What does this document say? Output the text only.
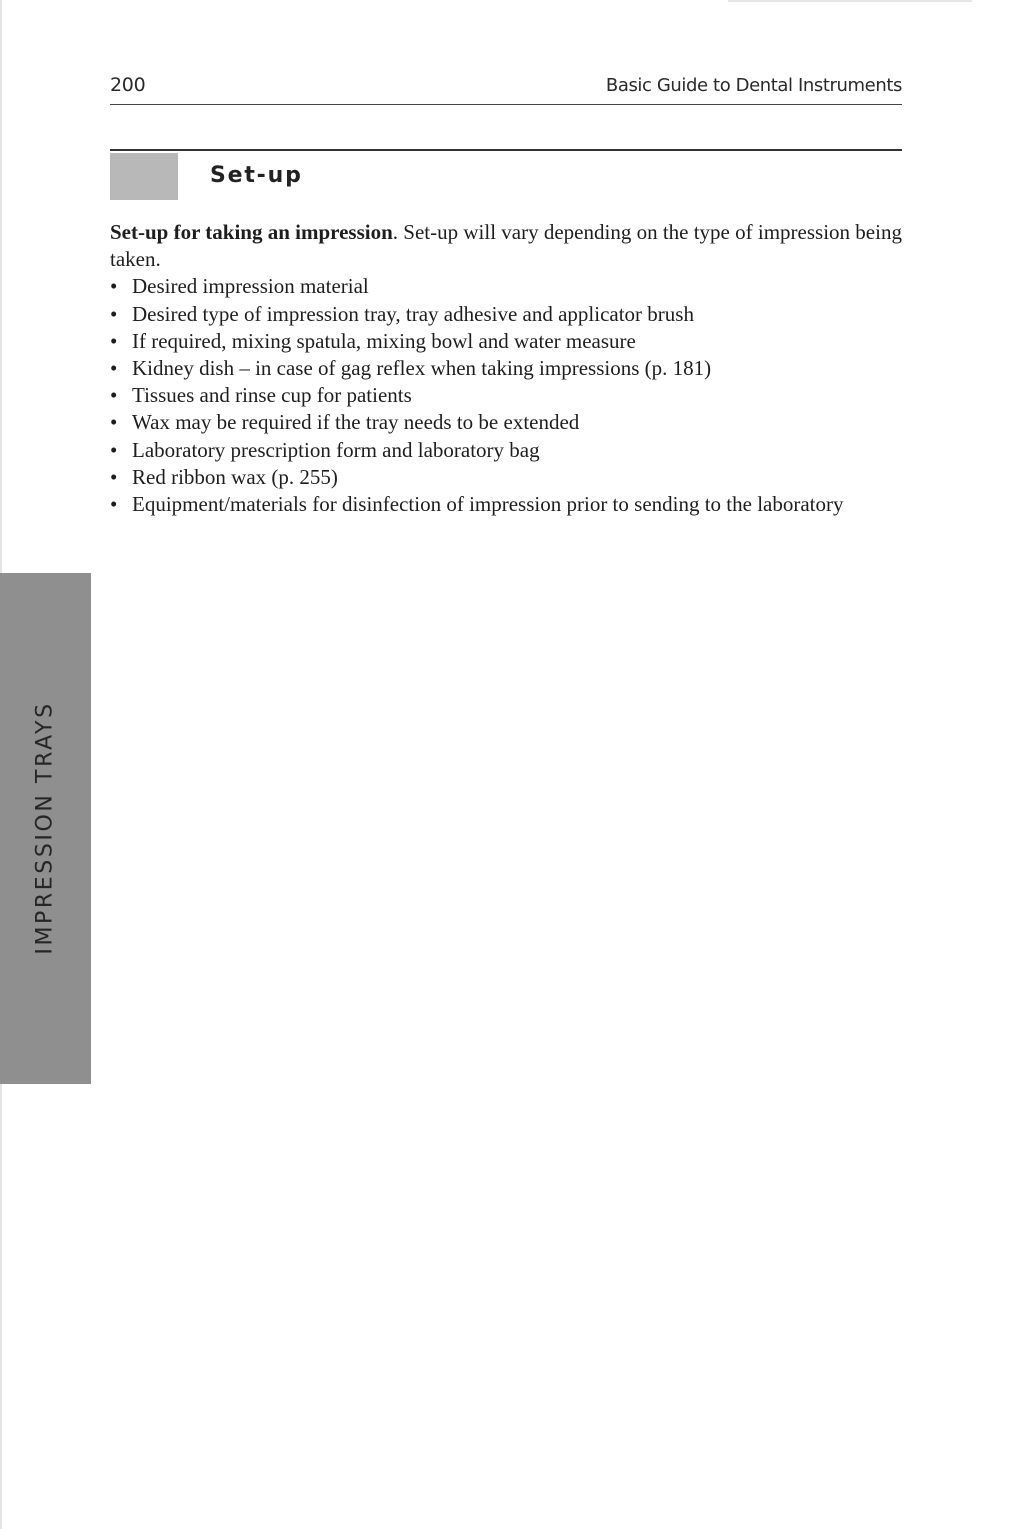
200	Basic Guide to Dental Instruments
Set-up

Set-up for taking an impression. Set-up will vary depending on the type of impression being taken.

• Desired impression material
• Desired type of impression tray, tray adhesive and applicator brush
• If required, mixing spatula, mixing bowl and water measure
• Kidney dish – in case of gag reflex when taking impressions (p. 181)
• Tissues and rinse cup for patients
• Wax may be required if the tray needs to be extended
• Laboratory prescription form and laboratory bag
• Red ribbon wax (p. 255)
• Equipment/materials for disinfection of impression prior to sending to the laboratory
IMPRESSION TRAYS
